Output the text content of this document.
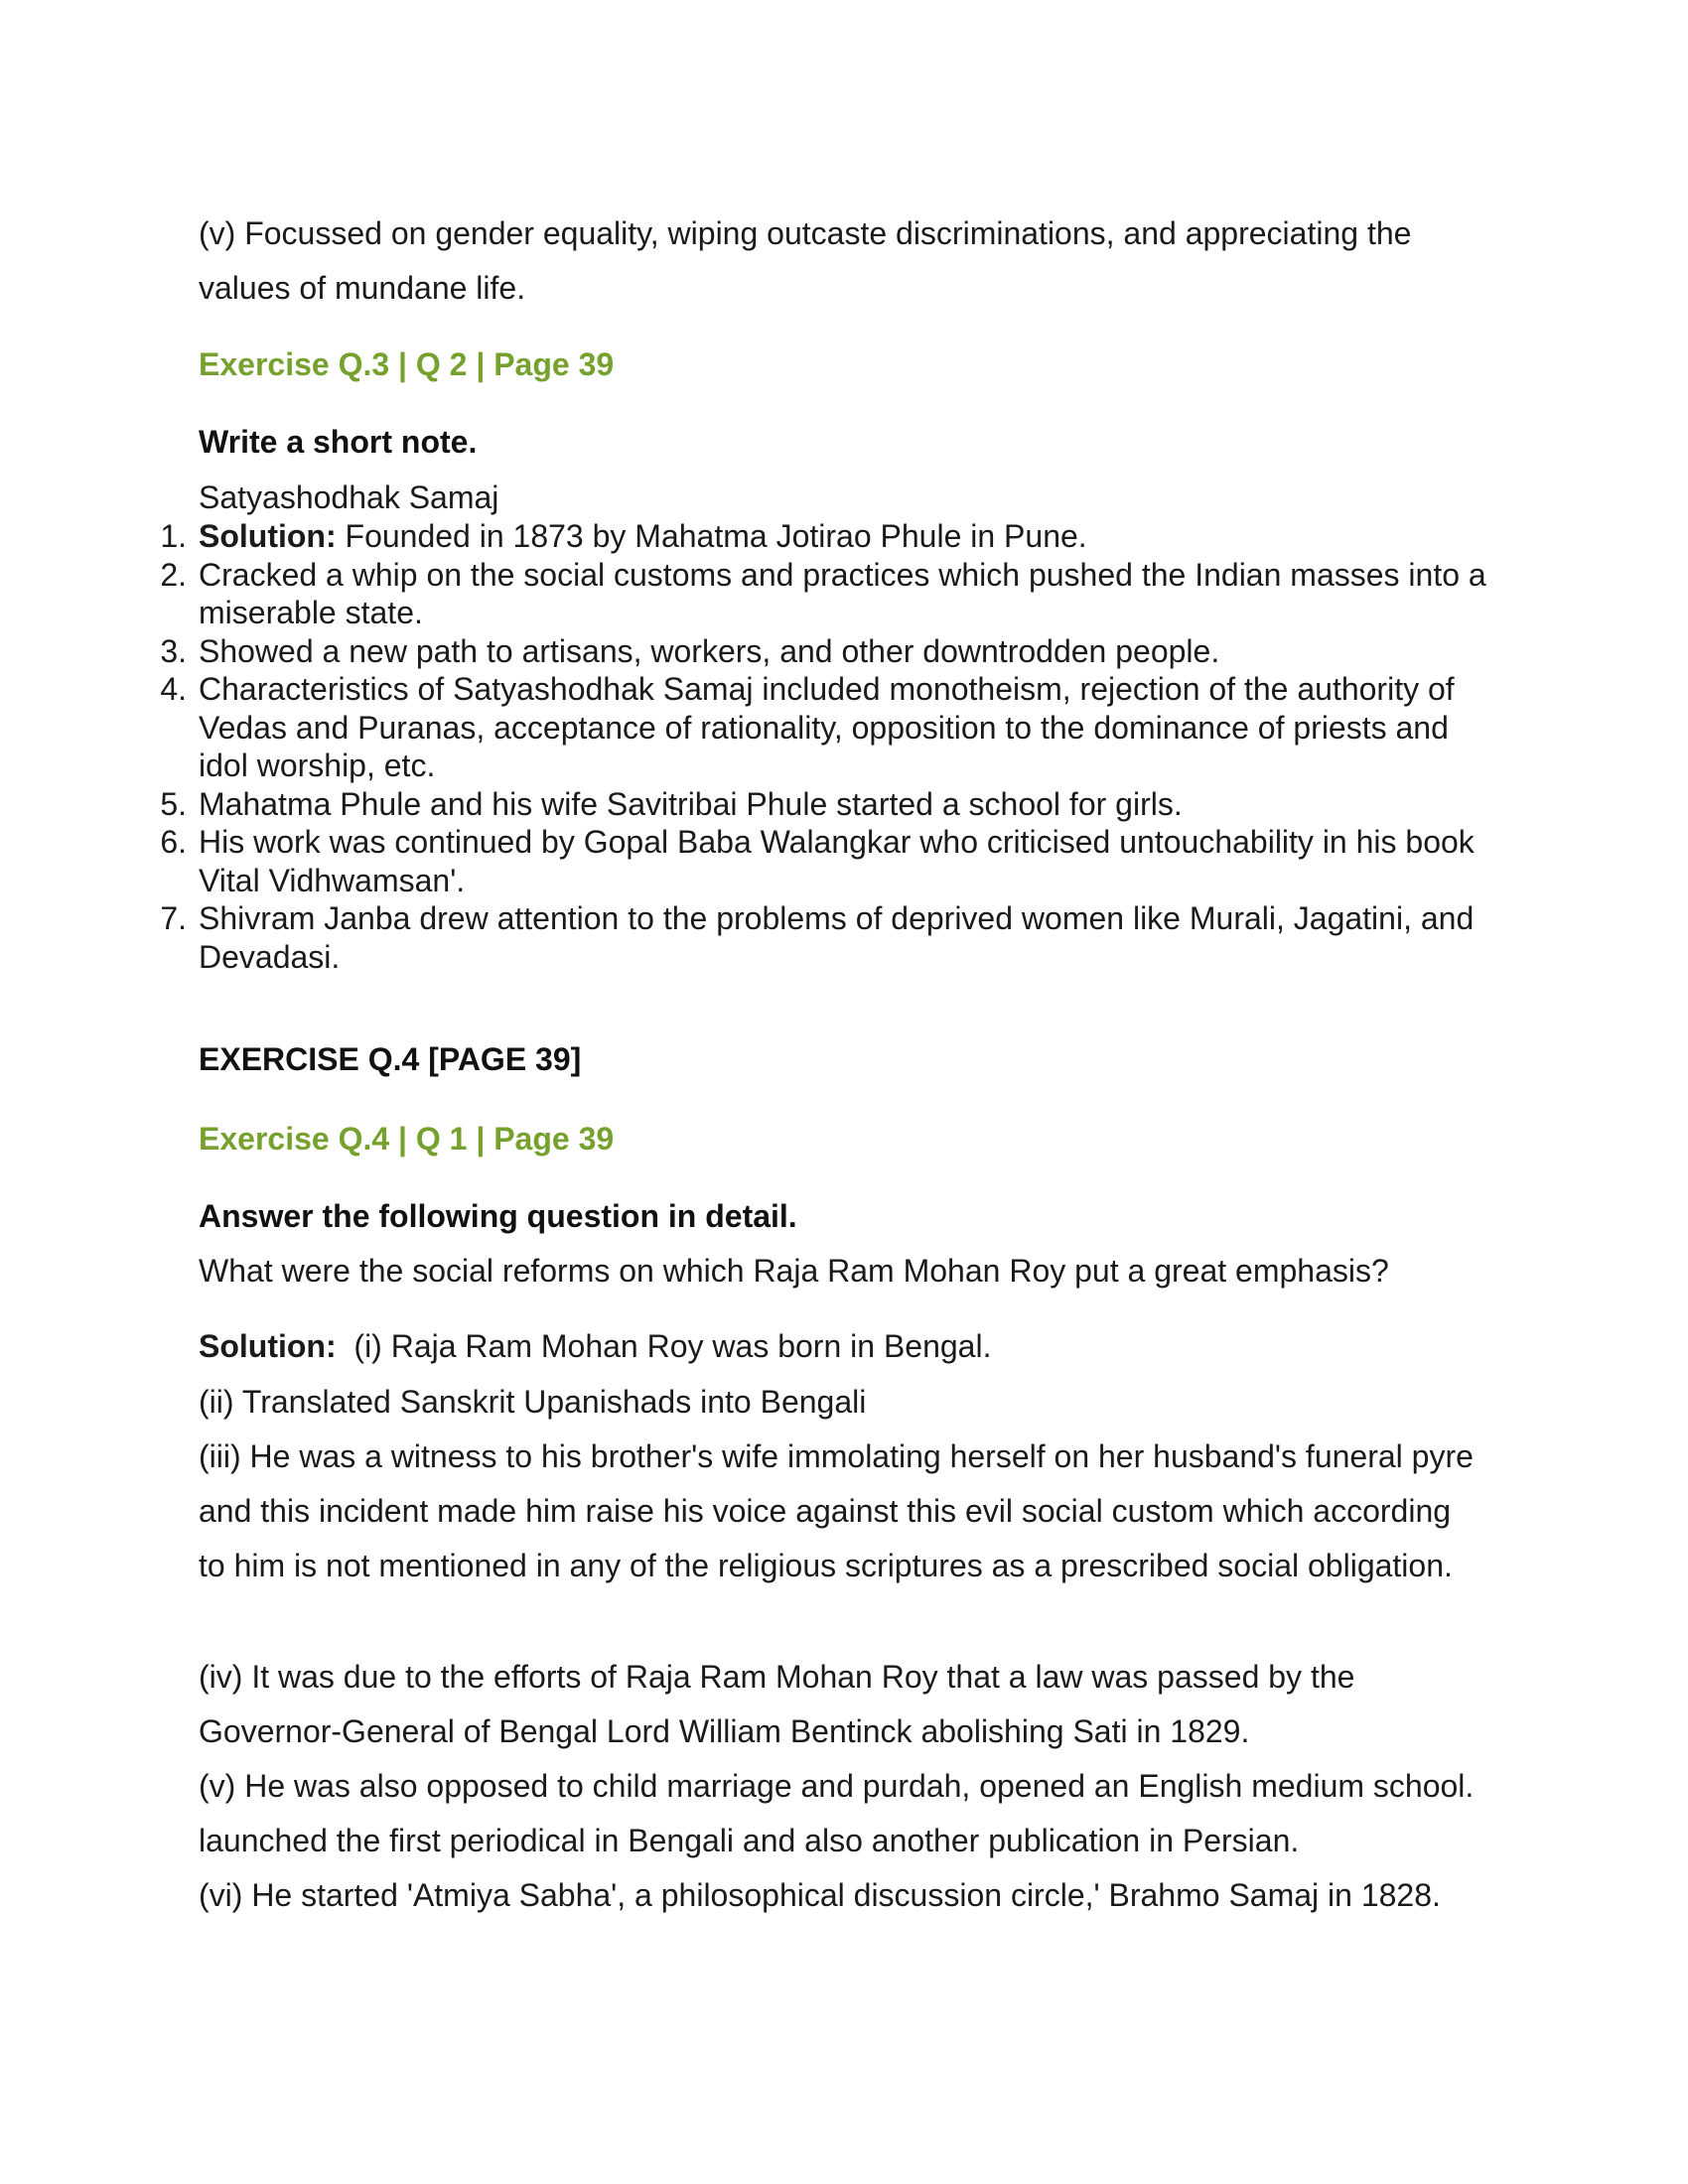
(v) Focussed on gender equality, wiping outcaste discriminations, and appreciating the values of mundane life.

Exercise Q.3 | Q 2 | Page 39

Write a short note.

Satyashodhak Samaj

1. Solution: Founded in 1873 by Mahatma Jotirao Phule in Pune.
2. Cracked a whip on the social customs and practices which pushed the Indian masses into a miserable state.
3. Showed a new path to artisans, workers, and other downtrodden people.
4. Characteristics of Satyashodhak Samaj included monotheism, rejection of the authority of Vedas and Puranas, acceptance of rationality, opposition to the dominance of priests and idol worship, etc.
5. Mahatma Phule and his wife Savitribai Phule started a school for girls.
6. His work was continued by Gopal Baba Walangkar who criticised untouchability in his book Vital Vidhwamsan'.
7. Shivram Janba drew attention to the problems of deprived women like Murali, Jagatini, and Devadasi.
EXERCISE Q.4 [PAGE 39]
Exercise Q.4 | Q 1 | Page 39

Answer the following question in detail.

What were the social reforms on which Raja Ram Mohan Roy put a great emphasis?

Solution: (i) Raja Ram Mohan Roy was born in Bengal.

(ii) Translated Sanskrit Upanishads into Bengali

(iii) He was a witness to his brother's wife immolating herself on her husband's funeral pyre and this incident made him raise his voice against this evil social custom which according to him is not mentioned in any of the religious scriptures as a prescribed social obligation.

(iv) It was due to the efforts of Raja Ram Mohan Roy that a law was passed by the Governor-General of Bengal Lord William Bentinck abolishing Sati in 1829.

(v) He was also opposed to child marriage and purdah, opened an English medium school. launched the first periodical in Bengali and also another publication in Persian.

(vi) He started 'Atmiya Sabha', a philosophical discussion circle,' Brahmo Samaj in 1828.
